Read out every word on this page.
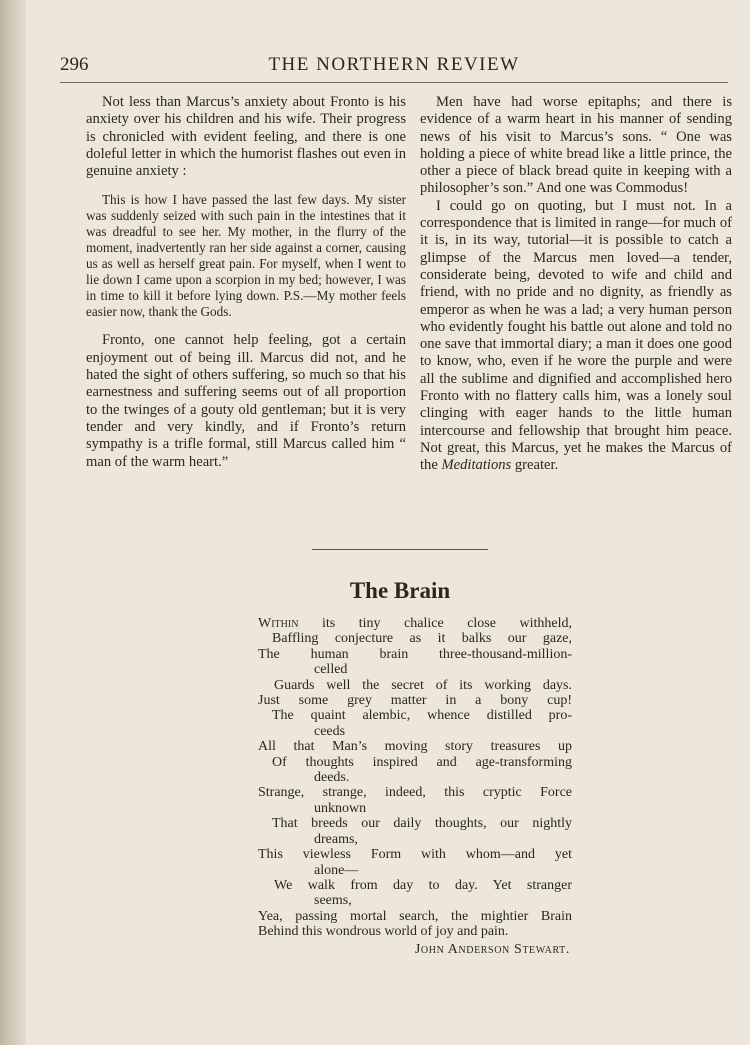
296	THE NORTHERN REVIEW

Not less than Marcus’s anxiety about Fronto is his anxiety over his children and his wife. Their progress is chronicled with evident feeling, and there is one doleful letter in which the humorist flashes out even in genuine anxiety :

This is how I have passed the last few days. My sister was suddenly seized with such pain in the intestines that it was dreadful to see her. My mother, in the flurry of the moment, inadvertently ran her side against a corner, causing us as well as herself great pain. For myself, when I went to lie down I came upon a scorpion in my bed; however, I was in time to kill it before lying down. P.S.—My mother feels easier now, thank the Gods.

Fronto, one cannot help feeling, got a certain enjoyment out of being ill. Marcus did not, and he hated the sight of others suffering, so much so that his earnestness and suffering seems out of all proportion to the twinges of a gouty old gentleman; but it is very tender and very kindly, and if Fronto’s return sympathy is a trifle formal, still Marcus called him “ man of the warm heart.”

Men have had worse epitaphs; and there is evidence of a warm heart in his manner of sending news of his visit to Marcus’s sons. “ One was holding a piece of white bread like a little prince, the other a piece of black bread quite in keeping with a philosopher’s son.” And one was Commodus!

I could go on quoting, but I must not. In a correspondence that is limited in range—for much of it is, in its way, tutorial—it is possible to catch a glimpse of the Marcus men loved—a tender, considerate being, devoted to wife and child and friend, with no pride and no dignity, as friendly as emperor as when he was a lad; a very human person who evidently fought his battle out alone and told no one save that immortal diary; a man it does one good to know, who, even if he wore the purple and were all the sublime and dignified and accomplished hero Fronto with no flattery calls him, was a lonely soul clinging with eager hands to the little human intercourse and fellowship that brought him peace. Not great, this Marcus, yet he makes the Marcus of the Meditations greater.

The Brain
Within its tiny chalice close withheld,
Baffling conjecture as it balks our gaze,
The human brain three-thousand-million-
celled
Guards well the secret of its working days.
Just some grey matter in a bony cup!
The quaint alembic, whence distilled pro-
ceeds
All that Man’s moving story treasures up
Of thoughts inspired and age-transforming
deeds.
Strange, strange, indeed, this cryptic Force
unknown
That breeds our daily thoughts, our nightly
dreams,
This viewless Form with whom—and yet
alone—
We walk from day to day. Yet stranger
seems,
Yea, passing mortal search, the mightier Brain
Behind this wondrous world of joy and pain.
John Anderson Stewart.
